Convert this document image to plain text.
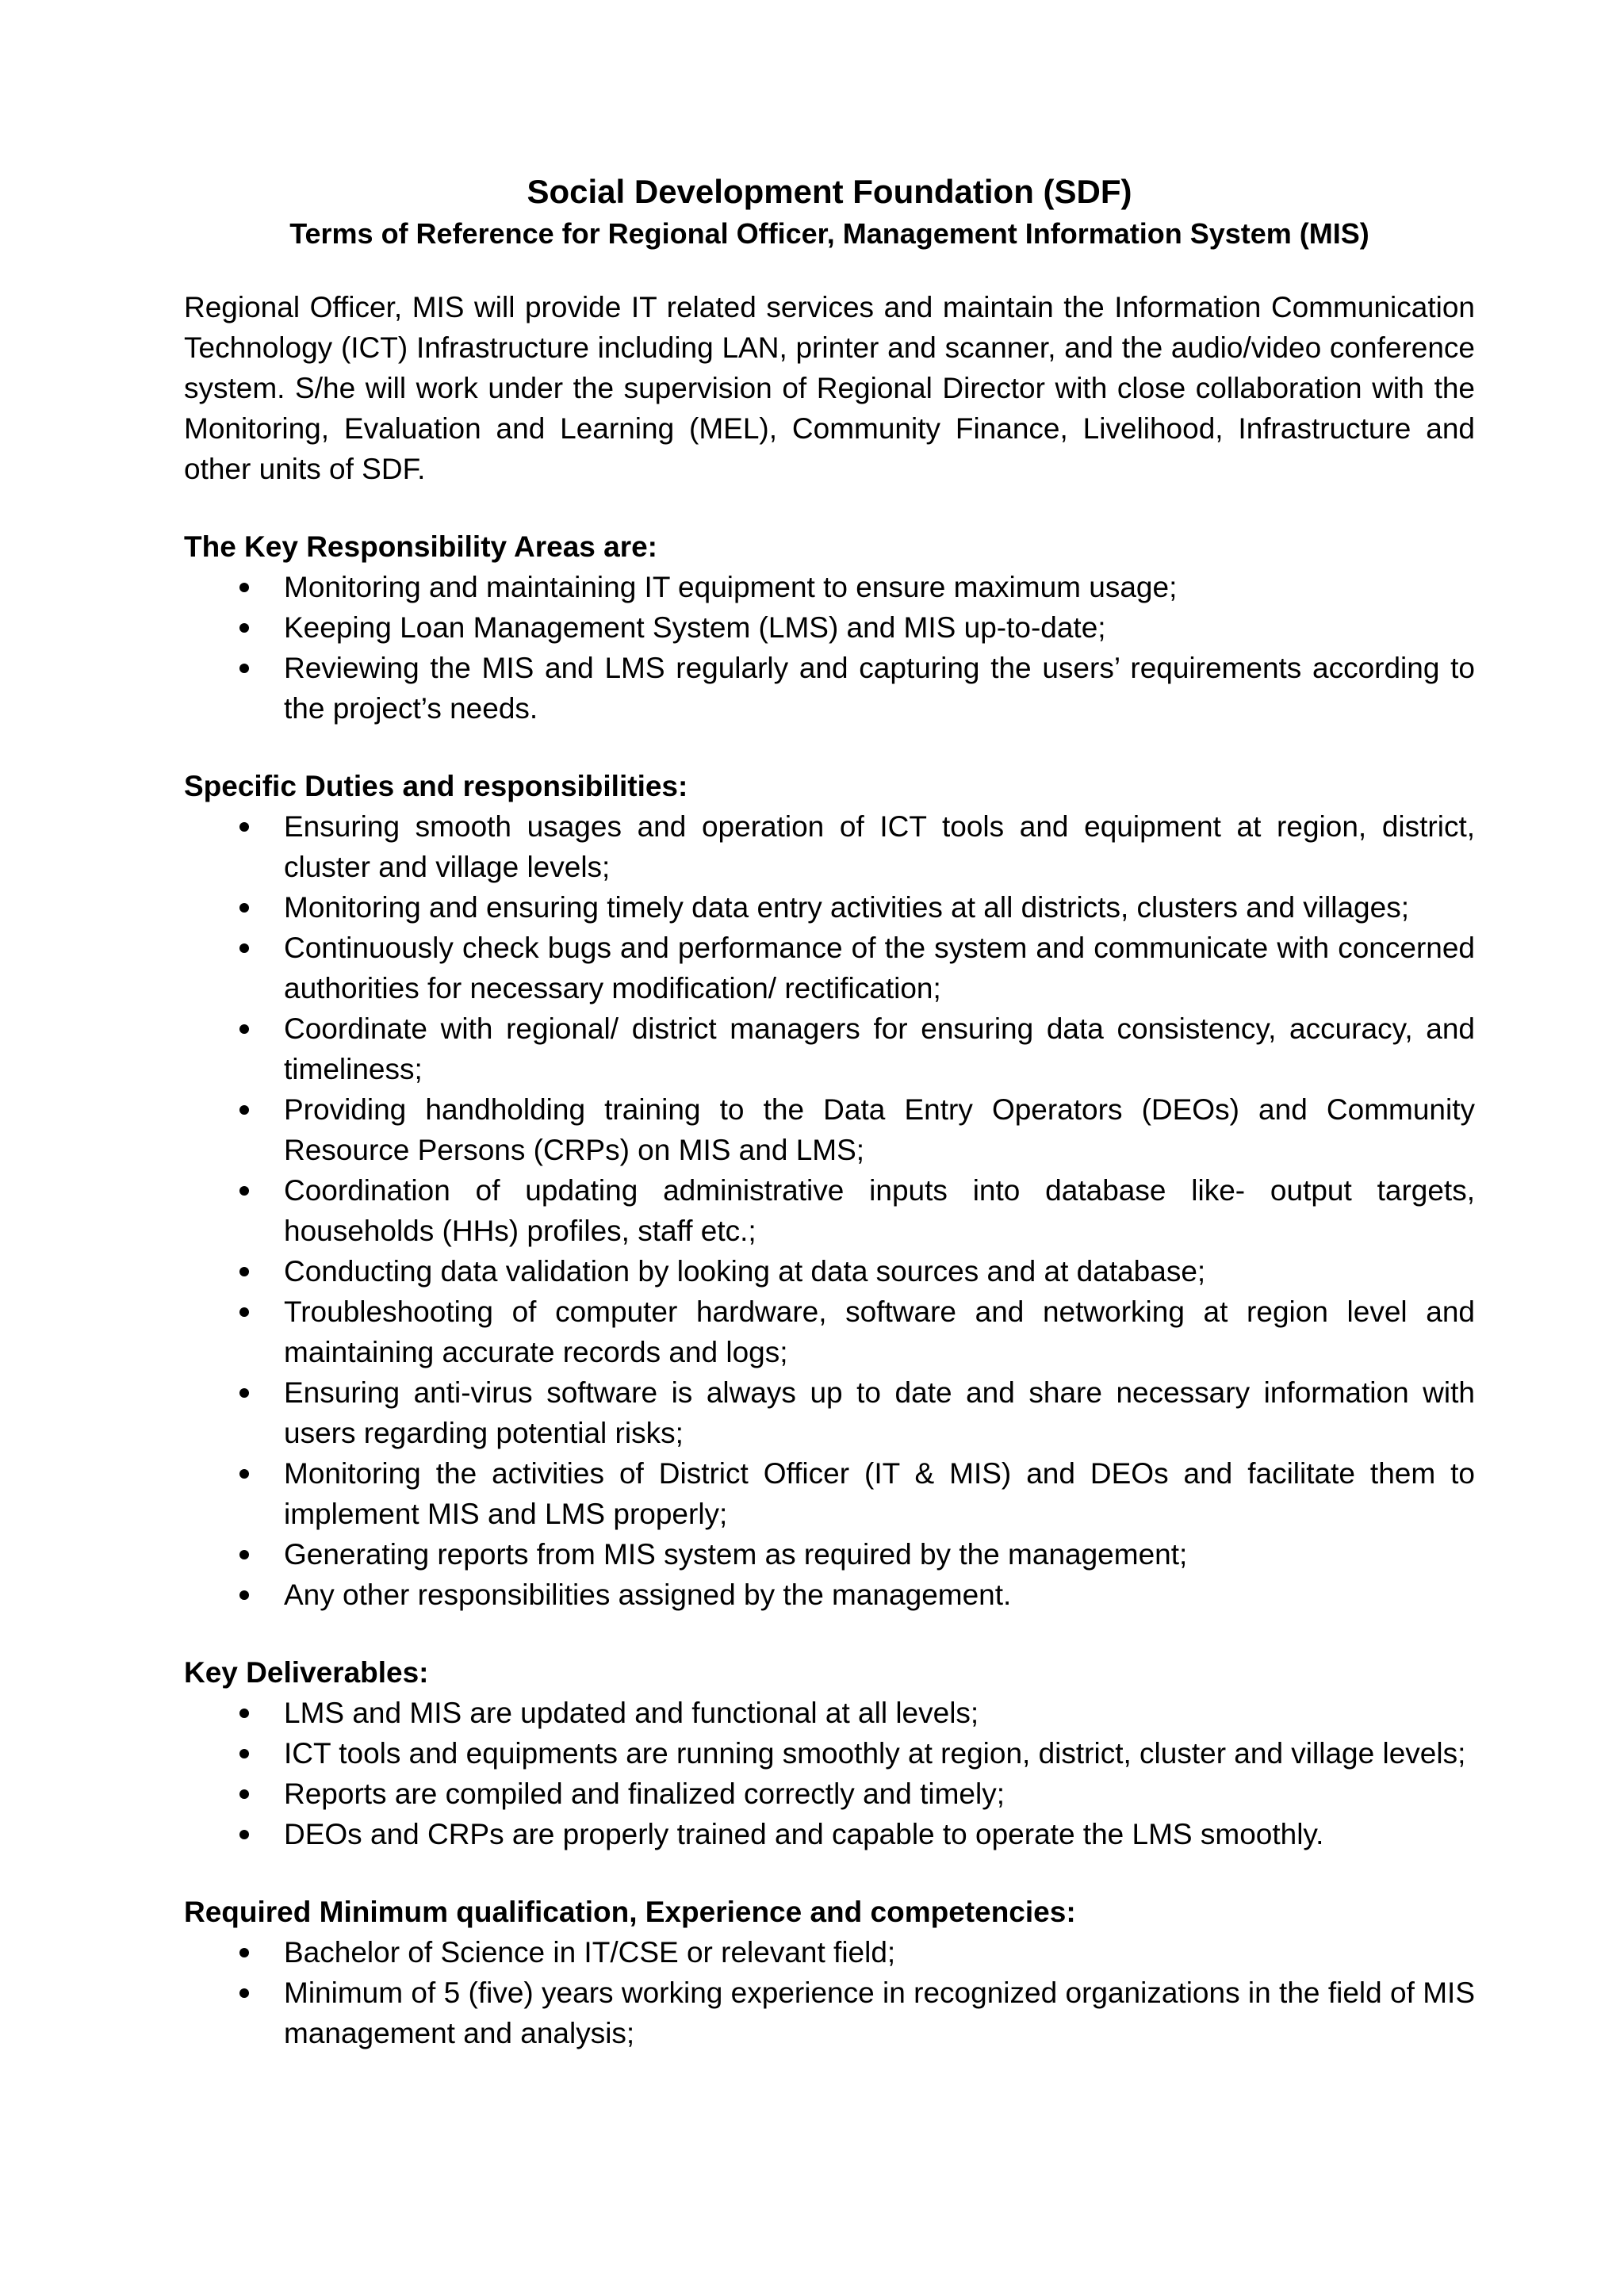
Social Development Foundation (SDF)
Terms of Reference for Regional Officer, Management Information System (MIS)

Regional Officer, MIS will provide IT related services and maintain the Information Communication Technology (ICT) Infrastructure including LAN, printer and scanner, and the audio/video conference system. S/he will work under the supervision of Regional Director with close collaboration with the Monitoring, Evaluation and Learning (MEL), Community Finance, Livelihood, Infrastructure and other units of SDF.

The Key Responsibility Areas are:

Monitoring and maintaining IT equipment to ensure maximum usage;
Keeping Loan Management System (LMS) and MIS up-to-date;
Reviewing the MIS and LMS regularly and capturing the users’ requirements according to the project’s needs.

Specific Duties and responsibilities:

Ensuring smooth usages and operation of ICT tools and equipment at region, district, cluster and village levels;
Monitoring and ensuring timely data entry activities at all districts, clusters and villages;
Continuously check bugs and performance of the system and communicate with concerned authorities for necessary modification/ rectification;
Coordinate with regional/ district managers for ensuring data consistency, accuracy, and timeliness;
Providing handholding training to the Data Entry Operators (DEOs) and Community Resource Persons (CRPs) on MIS and LMS;
Coordination of updating administrative inputs into database like- output targets, households (HHs) profiles, staff etc.;
Conducting data validation by looking at data sources and at database;
Troubleshooting of computer hardware, software and networking at region level and maintaining accurate records and logs;
Ensuring anti-virus software is always up to date and share necessary information with users regarding potential risks;
Monitoring the activities of District Officer (IT & MIS) and DEOs and facilitate them to implement MIS and LMS properly;
Generating reports from MIS system as required by the management;
Any other responsibilities assigned by the management.

Key Deliverables:

LMS and MIS are updated and functional at all levels;
ICT tools and equipments are running smoothly at region, district, cluster and village levels;
Reports are compiled and finalized correctly and timely;
DEOs and CRPs are properly trained and capable to operate the LMS smoothly.

Required Minimum qualification, Experience and competencies:

Bachelor of Science in IT/CSE or relevant field;
Minimum of 5 (five) years working experience in recognized organizations in the field of MIS management and analysis;
